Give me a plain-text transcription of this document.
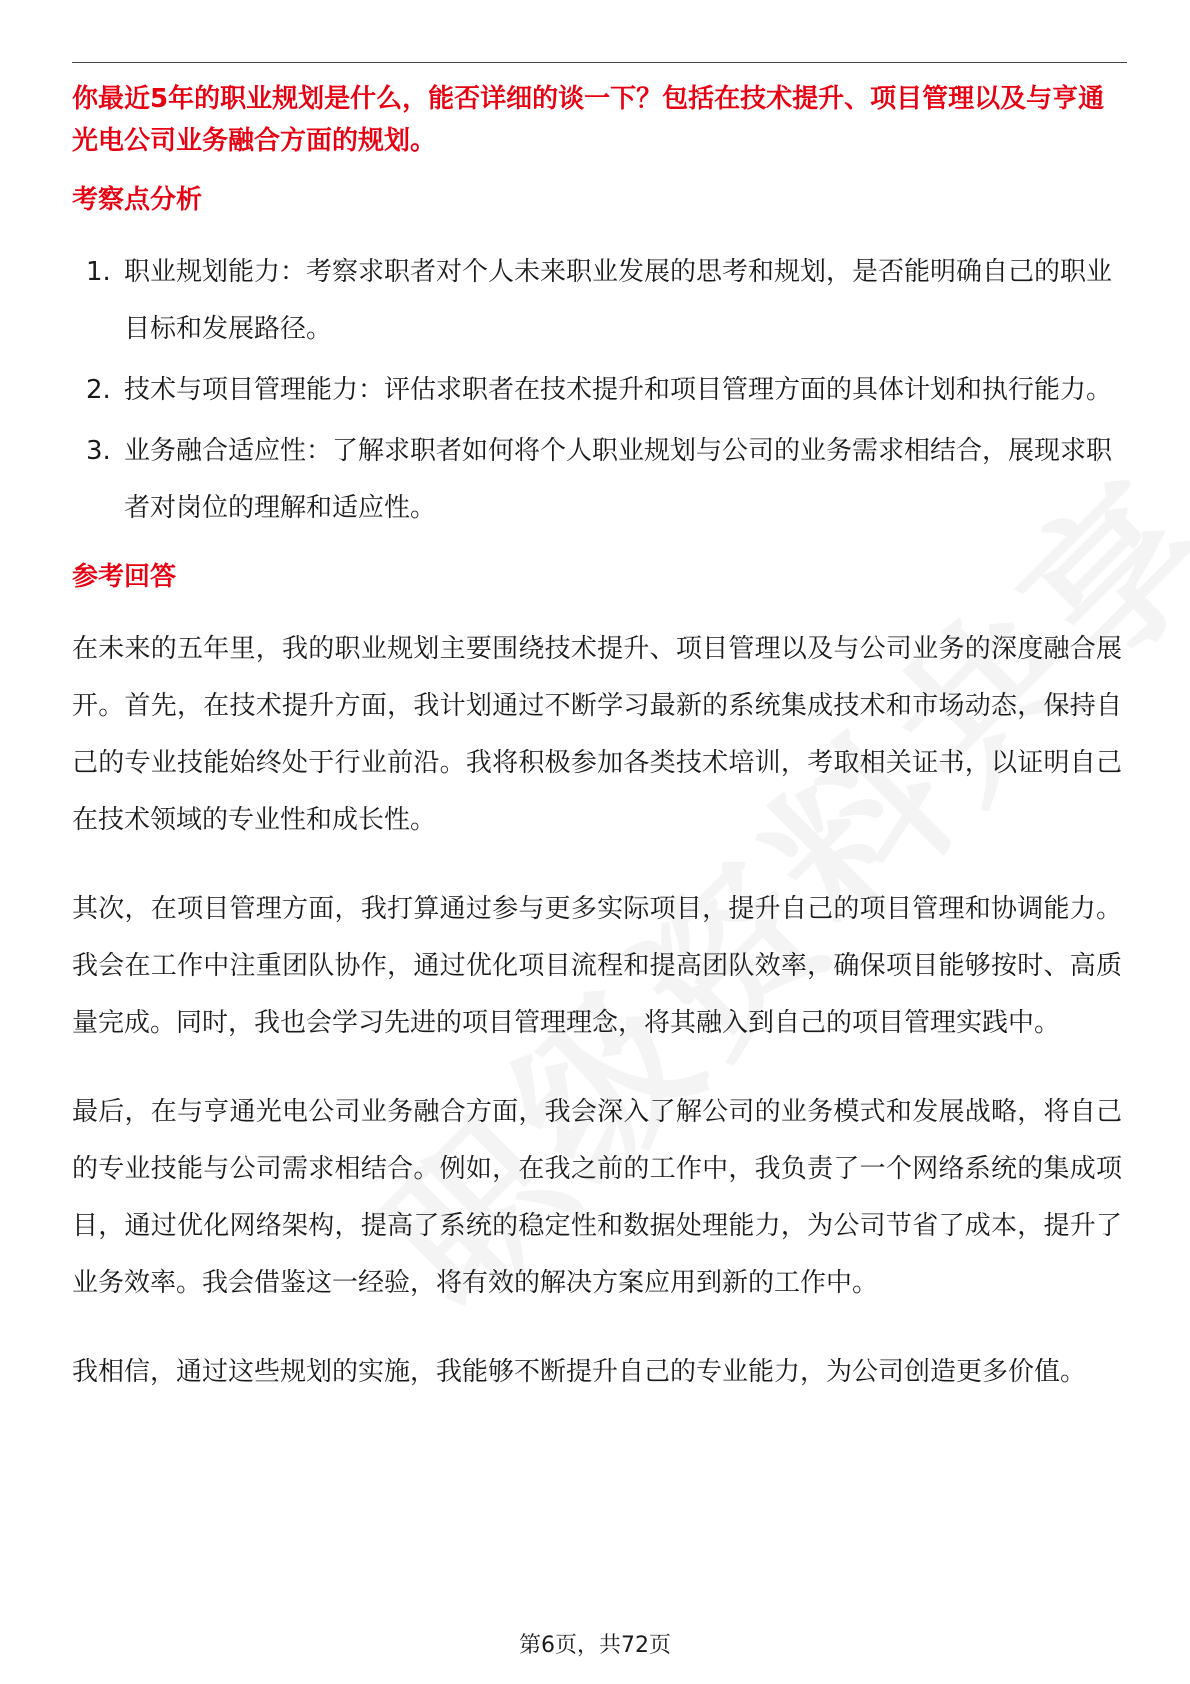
你最近5年的职业规划是什么，能否详细的谈一下？包括在技术提升、项目管理以及与亨通光电公司业务融合方面的规划。

考察点分析
1. 职业规划能力：考察求职者对个人未来职业发展的思考和规划，是否能明确自己的职业目标和发展路径。
2. 技术与项目管理能力：评估求职者在技术提升和项目管理方面的具体计划和执行能力。
3. 业务融合适应性：了解求职者如何将个人职业规划与公司的业务需求相结合，展现求职者对岗位的理解和适应性。
参考回答

在未来的五年里，我的职业规划主要围绕技术提升、项目管理以及与公司业务的深度融合展开。首先，在技术提升方面，我计划通过不断学习最新的系统集成技术和市场动态，保持自己的专业技能始终处于行业前沿。我将积极参加各类技术培训，考取相关证书，以证明自己在技术领域的专业性和成长性。

其次，在项目管理方面，我打算通过参与更多实际项目，提升自己的项目管理和协调能力。我会在工作中注重团队协作，通过优化项目流程和提高团队效率，确保项目能够按时、高质量完成。同时，我也会学习先进的项目管理理念，将其融入到自己的项目管理实践中。

最后，在与亨通光电公司业务融合方面，我会深入了解公司的业务模式和发展战略，将自己的专业技能与公司需求相结合。例如，在我之前的工作中，我负责了一个网络系统的集成项目，通过优化网络架构，提高了系统的稳定性和数据处理能力，为公司节省了成本，提升了业务效率。我会借鉴这一经验，将有效的解决方案应用到新的工作中。

我相信，通过这些规划的实施，我能够不断提升自己的专业能力，为公司创造更多价值。

第6页，共72页
